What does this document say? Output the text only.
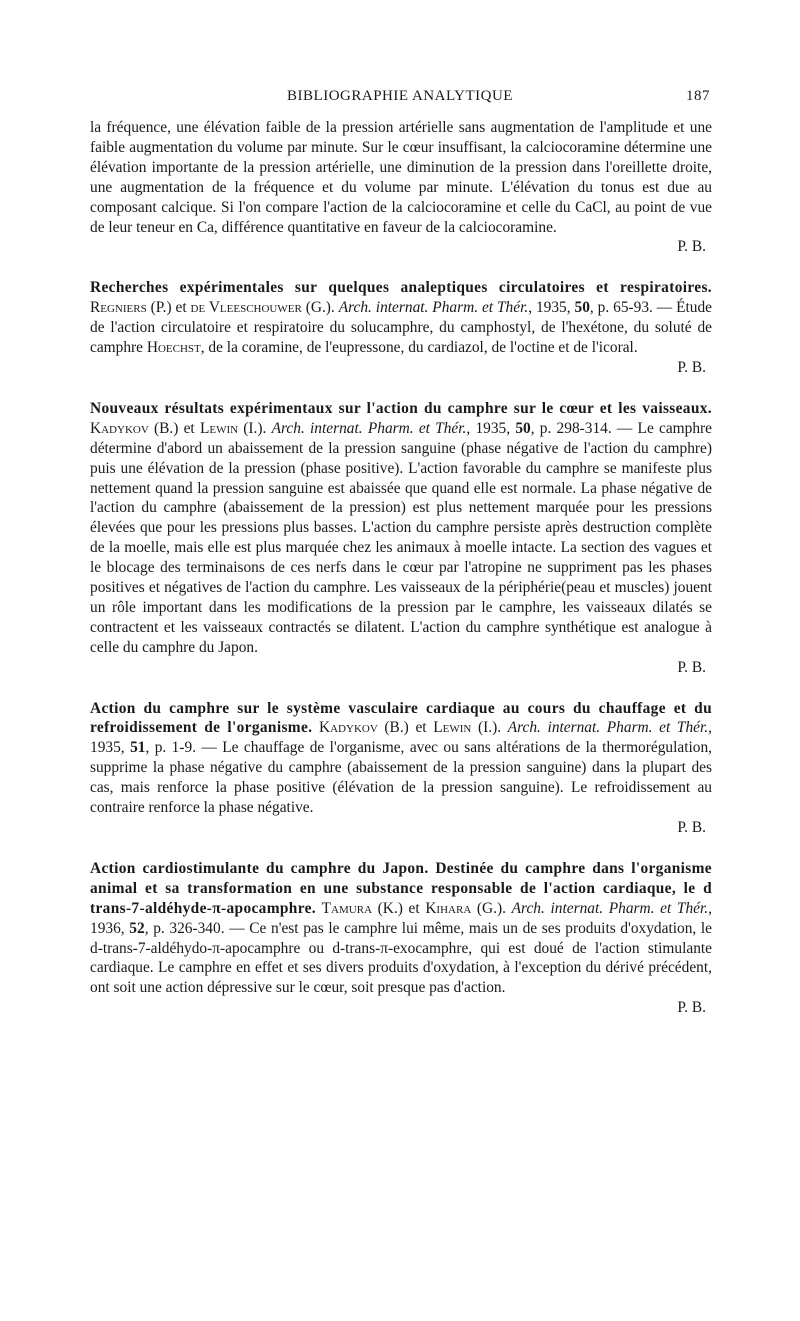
BIBLIOGRAPHIE ANALYTIQUE	187

la fréquence, une élévation faible de la pression artérielle sans augmentation de l'amplitude et une faible augmentation du volume par minute. Sur le cœur insuffisant, la calciocoramine détermine une élévation importante de la pression artérielle, une diminution de la pression dans l'oreillette droite, une augmentation de la fréquence et du volume par minute. L'élévation du tonus est due au composant calcique. Si l'on compare l'action de la calciocoramine et celle du CaCl, au point de vue de leur teneur en Ca, différence quantitative en faveur de la calciocoramine.
P. B.

Recherches expérimentales sur quelques analeptiques circulatoires et respiratoires. Regniers (P.) et de Vleeschouwer (G.). Arch. internat. Pharm. et Thér., 1935, 50, p. 65-93. — Étude de l'action circulatoire et respiratoire du solucamphre, du camphostyl, de l'hexétone, du soluté de camphre Hoechst, de la coramine, de l'eupressone, du cardiazol, de l'octine et de l'icoral.
P. B.

Nouveaux résultats expérimentaux sur l'action du camphre sur le cœur et les vaisseaux. Kadykov (B.) et Lewin (I.). Arch. internat. Pharm. et Thér., 1935, 50, p. 298-314. — Le camphre détermine d'abord un abaissement de la pression sanguine (phase négative de l'action du camphre) puis une élévation de la pression (phase positive). L'action favorable du camphre se manifeste plus nettement quand la pression sanguine est abaissée que quand elle est normale. La phase négative de l'action du camphre (abaissement de la pression) est plus nettement marquée pour les pressions élevées que pour les pressions plus basses. L'action du camphre persiste après destruction complète de la moelle, mais elle est plus marquée chez les animaux à moelle intacte. La section des vagues et le blocage des terminaisons de ces nerfs dans le cœur par l'atropine ne suppriment pas les phases positives et négatives de l'action du camphre. Les vaisseaux de la périphérie(peau et muscles) jouent un rôle important dans les modifications de la pression par le camphre, les vaisseaux dilatés se contractent et les vaisseaux contractés se dilatent. L'action du camphre synthétique est analogue à celle du camphre du Japon.
P. B.

Action du camphre sur le système vasculaire cardiaque au cours du chauffage et du refroidissement de l'organisme. Kadykov (B.) et Lewin (I.). Arch. internat. Pharm. et Thér., 1935, 51, p. 1-9. — Le chauffage de l'organisme, avec ou sans altérations de la thermorégulation, supprime la phase négative du camphre (abaissement de la pression sanguine) dans la plupart des cas, mais renforce la phase positive (élévation de la pression sanguine). Le refroidissement au contraire renforce la phase négative.
P. B.

Action cardiostimulante du camphre du Japon. Destinée du camphre dans l'organisme animal et sa transformation en une substance responsable de l'action cardiaque, le d trans-7-aldéhyde-π-apocamphre. Tamura (K.) et Kihara (G.). Arch. internat. Pharm. et Thér., 1936, 52, p. 326-340. — Ce n'est pas le camphre lui même, mais un de ses produits d'oxydation, le d-trans-7-aldéhydo-π-apocamphre ou d-trans-π-exocamphre, qui est doué de l'action stimulante cardiaque. Le camphre en effet et ses divers produits d'oxydation, à l'exception du dérivé précédent, ont soit une action dépressive sur le cœur, soit presque pas d'action.
P. B.
